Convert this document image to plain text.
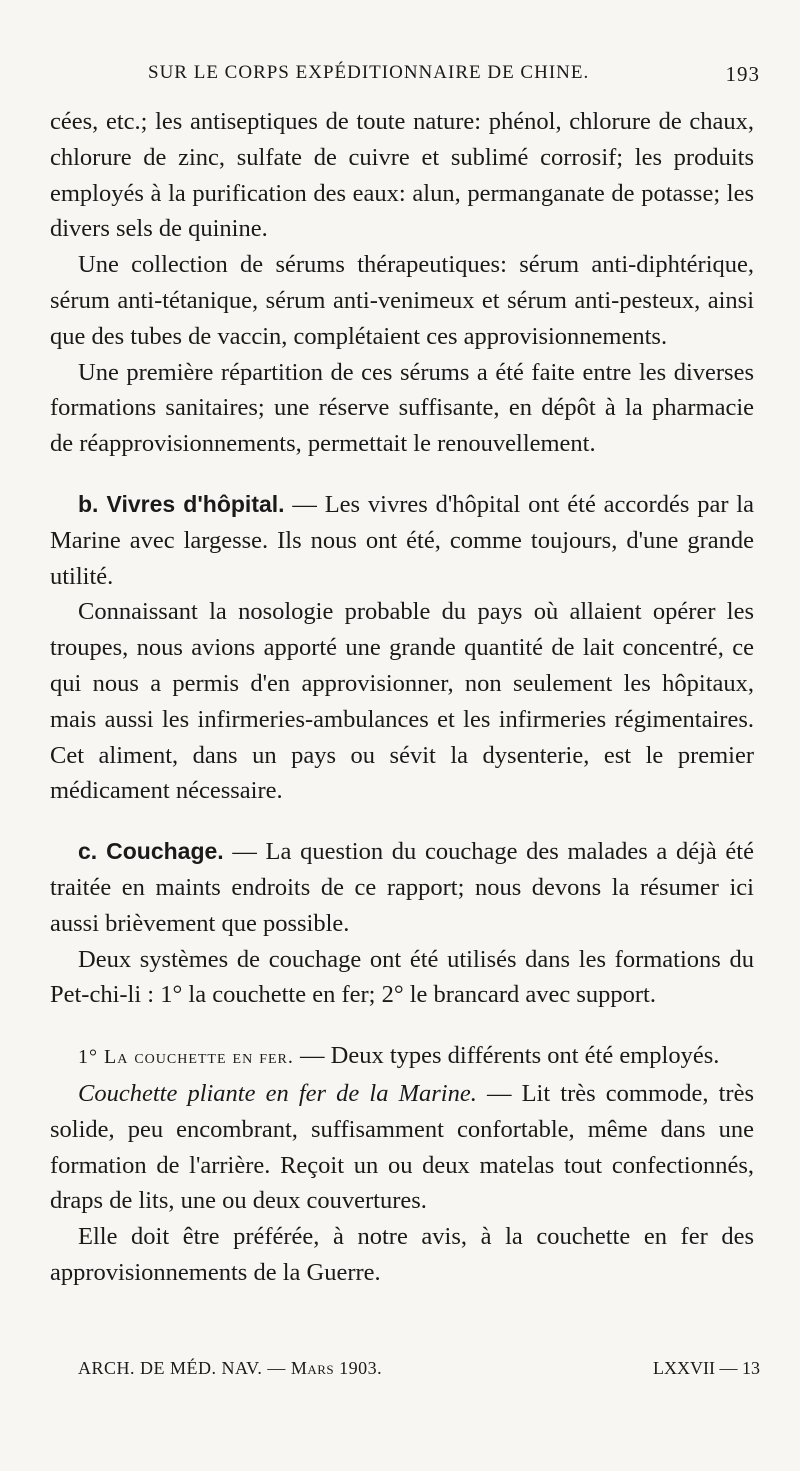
SUR LE CORPS EXPÉDITIONNAIRE DE CHINE.	193

cées, etc.; les antiseptiques de toute nature: phénol, chlorure de chaux, chlorure de zinc, sulfate de cuivre et sublimé corrosif; les produits employés à la purification des eaux: alun, permanganate de potasse; les divers sels de quinine.

Une collection de sérums thérapeutiques: sérum anti-diphtérique, sérum anti-tétanique, sérum anti-venimeux et sérum anti-pesteux, ainsi que des tubes de vaccin, complétaient ces approvisionnements.

Une première répartition de ces sérums a été faite entre les diverses formations sanitaires; une réserve suffisante, en dépôt à la pharmacie de réapprovisionnements, permettait le renouvellement.

b. Vivres d'hôpital. — Les vivres d'hôpital ont été accordés par la Marine avec largesse. Ils nous ont été, comme toujours, d'une grande utilité.

Connaissant la nosologie probable du pays où allaient opérer les troupes, nous avions apporté une grande quantité de lait concentré, ce qui nous a permis d'en approvisionner, non seulement les hôpitaux, mais aussi les infirmeries-ambulances et les infirmeries régimentaires. Cet aliment, dans un pays ou sévit la dysenterie, est le premier médicament nécessaire.

c. Couchage. — La question du couchage des malades a déjà été traitée en maints endroits de ce rapport; nous devons la résumer ici aussi brièvement que possible.

Deux systèmes de couchage ont été utilisés dans les formations du Pet-chi-li : 1° la couchette en fer; 2° le brancard avec support.

1° La couchette en fer. — Deux types différents ont été employés.

Couchette pliante en fer de la Marine. — Lit très commode, très solide, peu encombrant, suffisamment confortable, même dans une formation de l'arrière. Reçoit un ou deux matelas tout confectionnés, draps de lits, une ou deux couvertures.

Elle doit être préférée, à notre avis, à la couchette en fer des approvisionnements de la Guerre.

ARCH. DE MÉD. NAV. — Mars 1903.	LXXVII — 13
